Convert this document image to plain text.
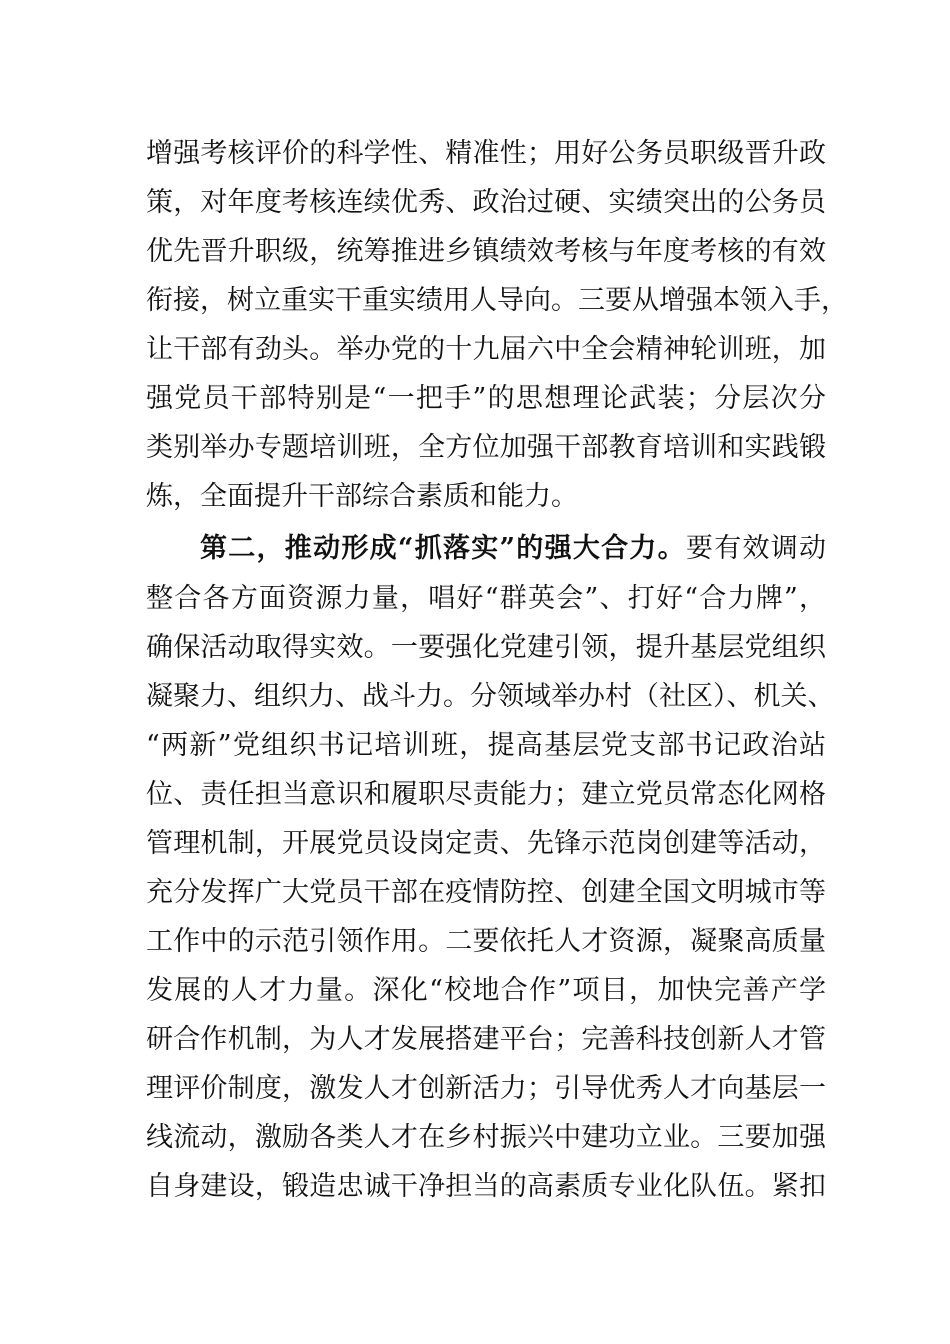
增强考核评价的科学性、精准性；用好公务员职级晋升政
策，对年度考核连续优秀、政治过硬、实绩突出的公务员
优先晋升职级，统筹推进乡镇绩效考核与年度考核的有效
衔接，树立重实干重实绩用人导向。三要从增强本领入手，
让干部有劲头。举办党的十九届六中全会精神轮训班，加
强党员干部特别是“一把手”的思想理论武装；分层次分
类别举办专题培训班，全方位加强干部教育培训和实践锻
炼，全面提升干部综合素质和能力。
第二，推动形成“抓落实”的强大合力。要有效调动
整合各方面资源力量，唱好“群英会”、打好“合力牌”，
确保活动取得实效。一要强化党建引领，提升基层党组织
凝聚力、组织力、战斗力。分领域举办村（社区）、机关、
“两新”党组织书记培训班，提高基层党支部书记政治站
位、责任担当意识和履职尽责能力；建立党员常态化网格
管理机制，开展党员设岗定责、先锋示范岗创建等活动，
充分发挥广大党员干部在疫情防控、创建全国文明城市等
工作中的示范引领作用。二要依托人才资源，凝聚高质量
发展的人才力量。深化“校地合作”项目，加快完善产学
研合作机制，为人才发展搭建平台；完善科技创新人才管
理评价制度，激发人才创新活力；引导优秀人才向基层一
线流动，激励各类人才在乡村振兴中建功立业。三要加强
自身建设，锻造忠诚干净担当的高素质专业化队伍。紧扣
